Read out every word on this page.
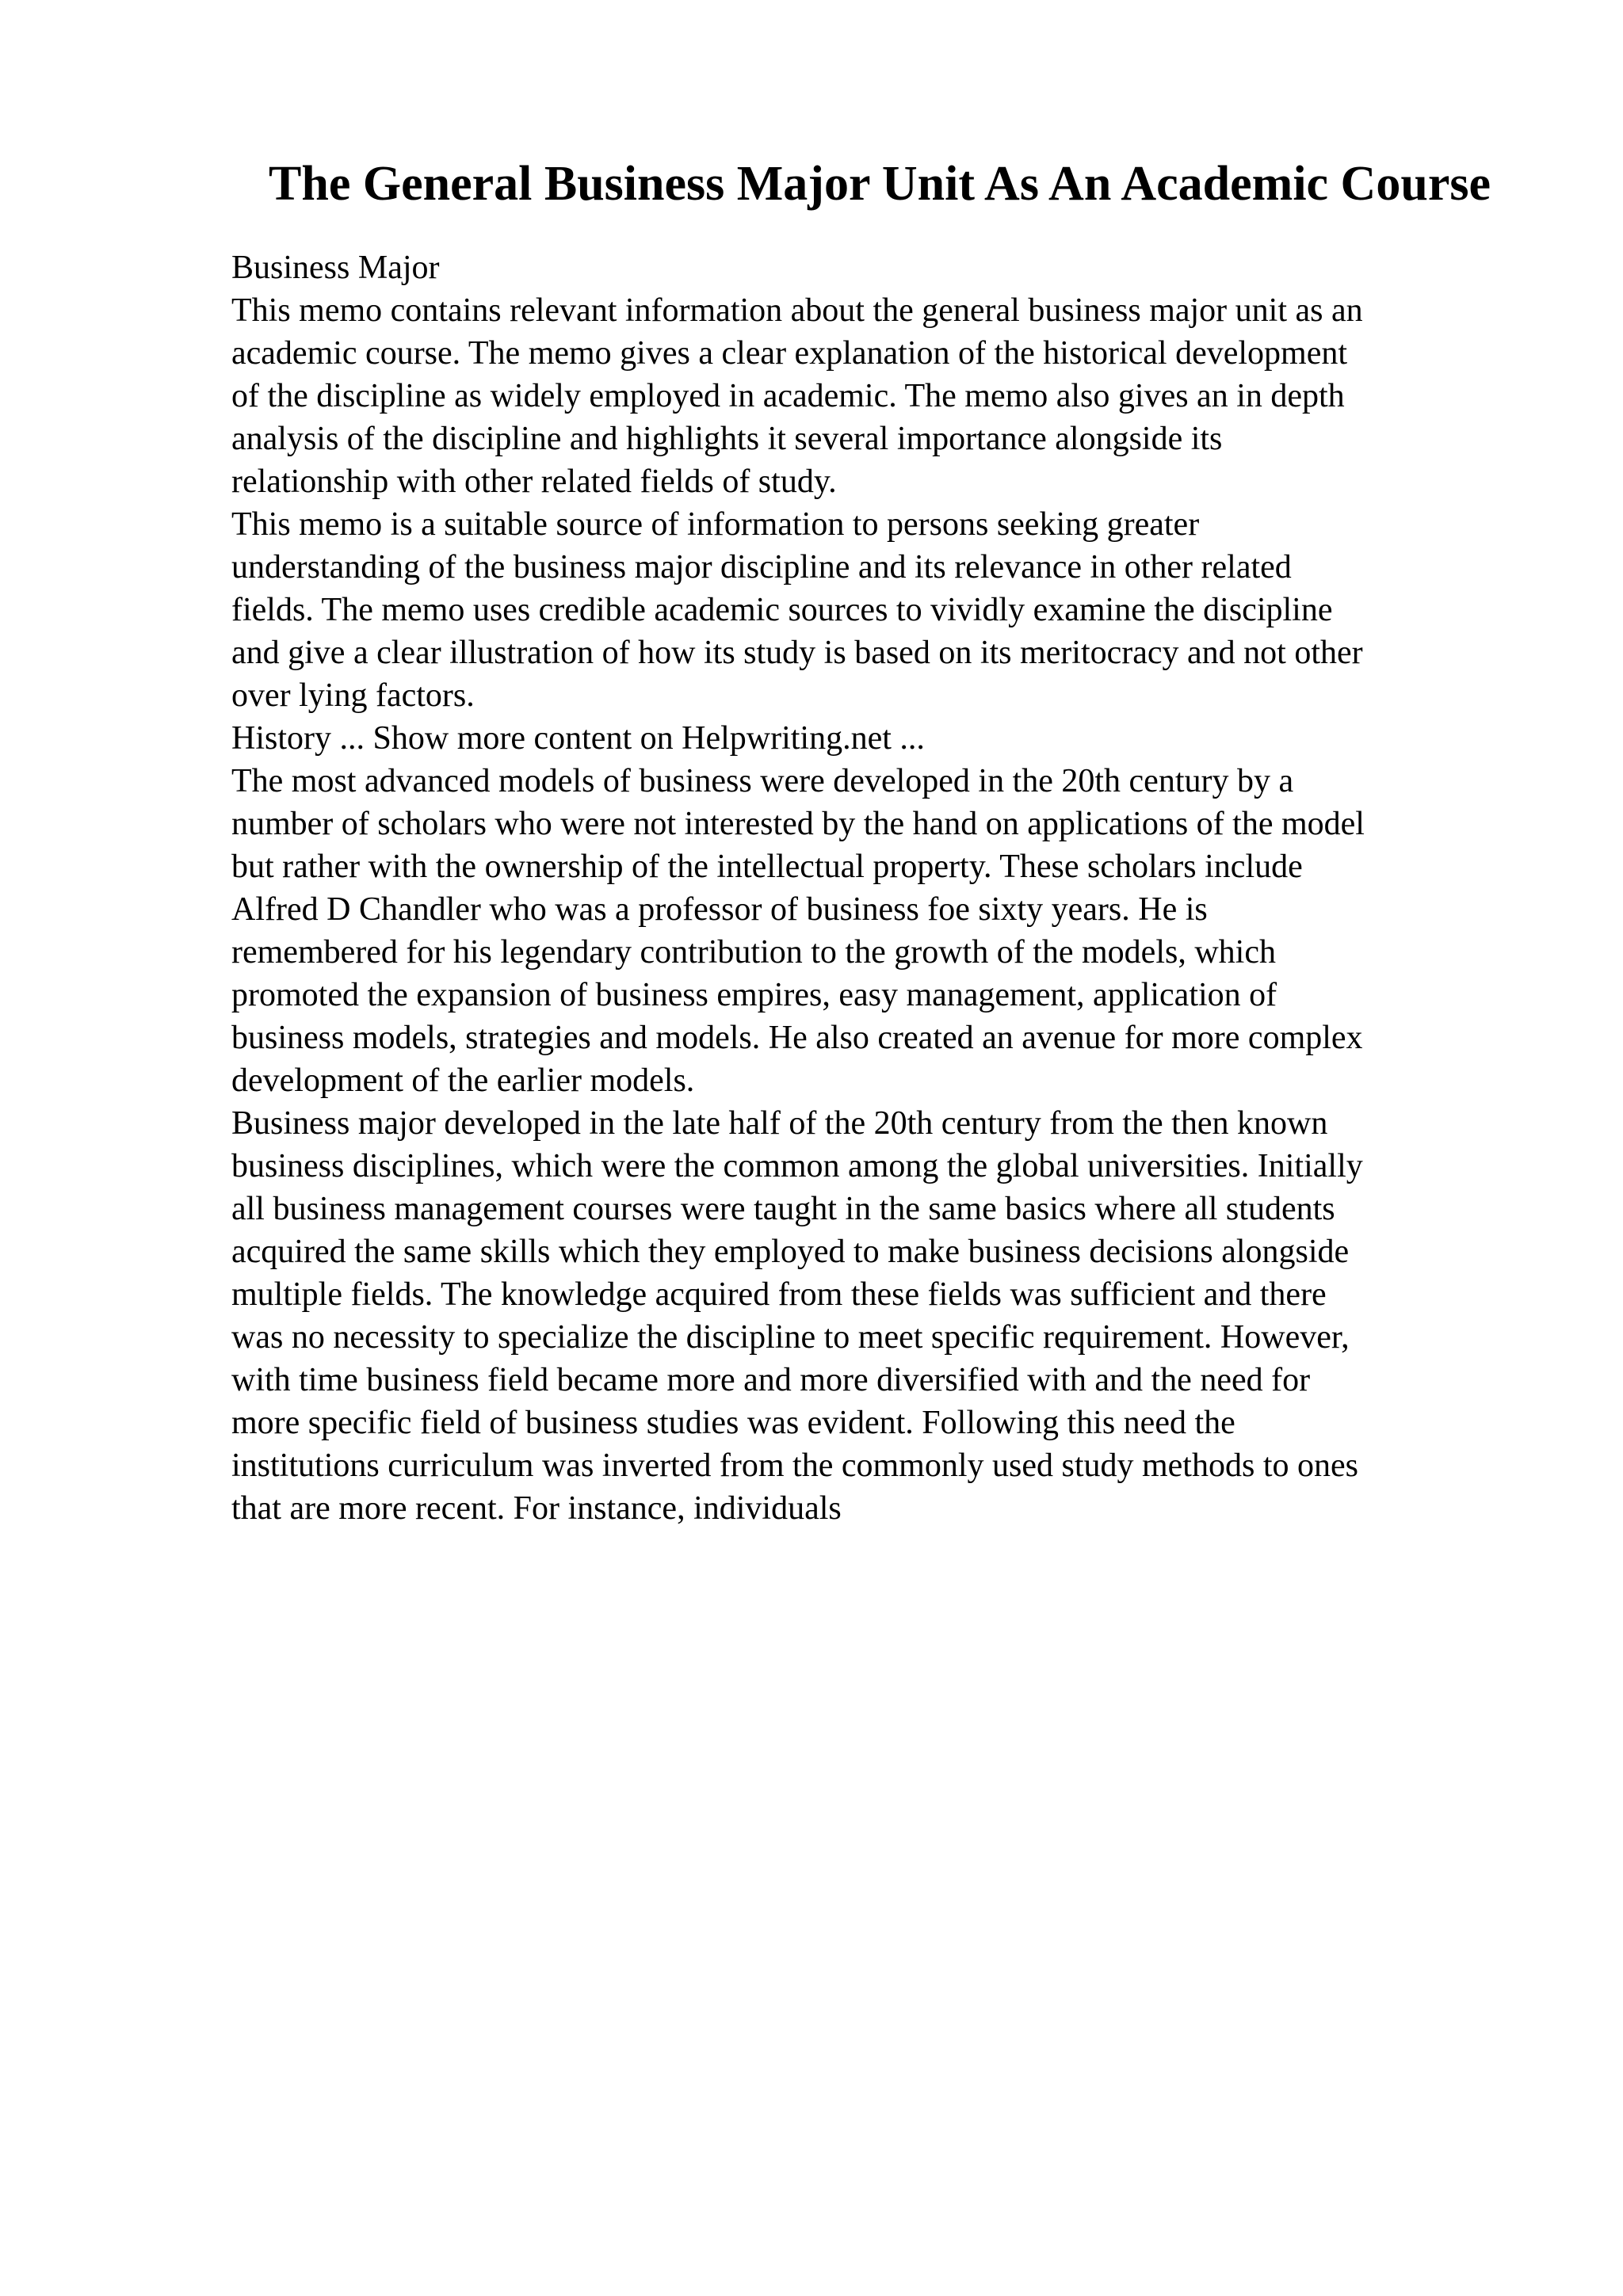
The General Business Major Unit As An Academic Course

Business Major

This memo contains relevant information about the general business major unit as an
academic course. The memo gives a clear explanation of the historical development
of the discipline as widely employed in academic. The memo also gives an in depth
analysis of the discipline and highlights it several importance alongside its
relationship with other related fields of study.

This memo is a suitable source of information to persons seeking greater
understanding of the business major discipline and its relevance in other related
fields. The memo uses credible academic sources to vividly examine the discipline
and give a clear illustration of how its study is based on its meritocracy and not other
over lying factors.

History ... Show more content on Helpwriting.net ...

The most advanced models of business were developed in the 20th century by a
number of scholars who were not interested by the hand on applications of the model
but rather with the ownership of the intellectual property. These scholars include
Alfred D Chandler who was a professor of business foe sixty years. He is
remembered for his legendary contribution to the growth of the models, which
promoted the expansion of business empires, easy management, application of
business models, strategies and models. He also created an avenue for more complex
development of the earlier models.

Business major developed in the late half of the 20th century from the then known
business disciplines, which were the common among the global universities. Initially
all business management courses were taught in the same basics where all students
acquired the same skills which they employed to make business decisions alongside
multiple fields. The knowledge acquired from these fields was sufficient and there
was no necessity to specialize the discipline to meet specific requirement. However,
with time business field became more and more diversified with and the need for
more specific field of business studies was evident. Following this need the
institutions curriculum was inverted from the commonly used study methods to ones
that are more recent. For instance, individuals
